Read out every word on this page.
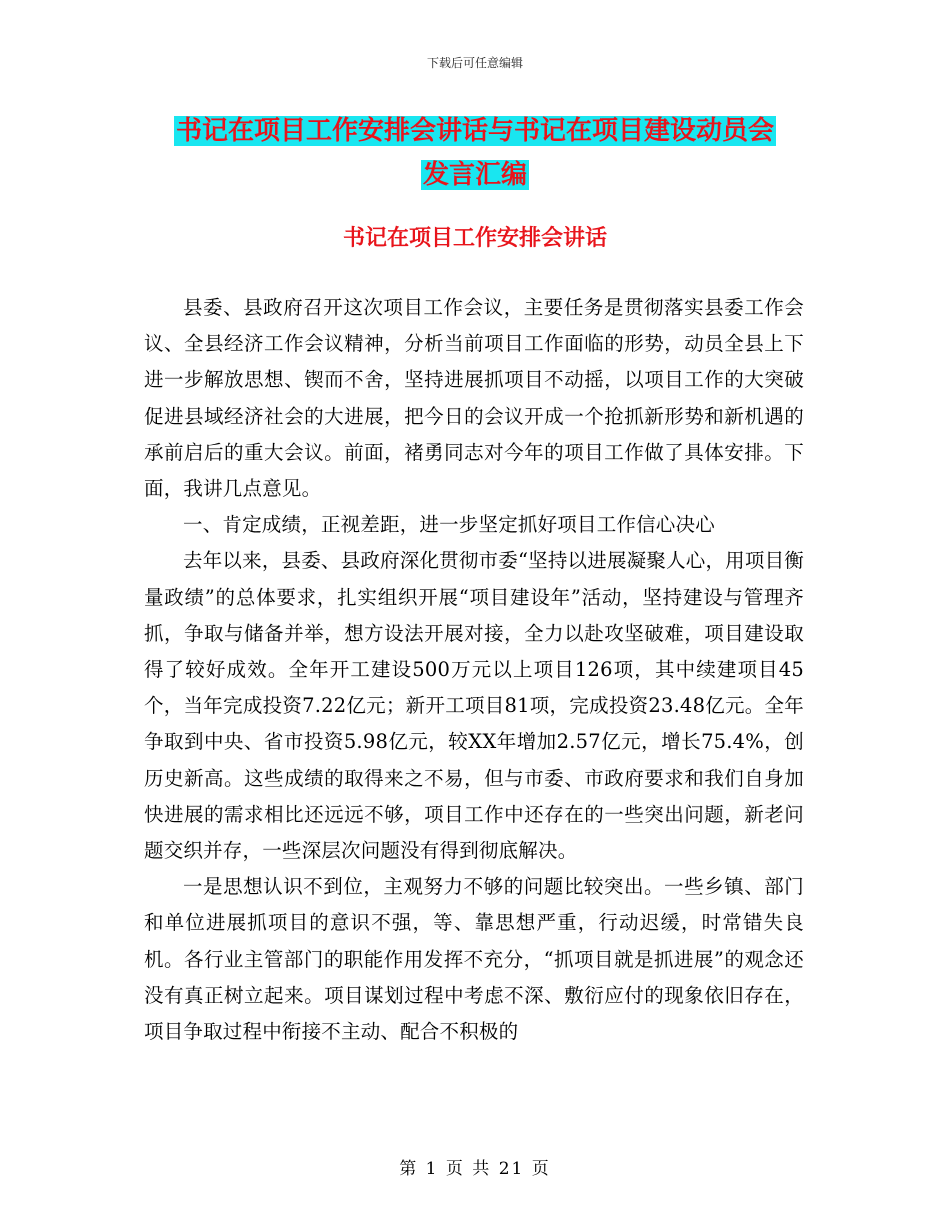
下载后可任意编辑
书记在项目工作安排会讲话与书记在项目建设动员会
发言汇编
书记在项目工作安排会讲话

县委、县政府召开这次项目工作会议，主要任务是贯彻落实县委工作会议、全县经济工作会议精神，分析当前项目工作面临的形势，动员全县上下进一步解放思想、锲而不舍，坚持进展抓项目不动摇，以项目工作的大突破促进县域经济社会的大进展，把今日的会议开成一个抢抓新形势和新机遇的承前启后的重大会议。前面，褚勇同志对今年的项目工作做了具体安排。下面，我讲几点意见。

一、肯定成绩，正视差距，进一步坚定抓好项目工作信心决心

去年以来，县委、县政府深化贯彻市委“坚持以进展凝聚人心，用项目衡量政绩”的总体要求，扎实组织开展“项目建设年”活动，坚持建设与管理齐抓，争取与储备并举，想方设法开展对接，全力以赴攻坚破难，项目建设取得了较好成效。全年开工建设500万元以上项目126项，其中续建项目45个，当年完成投资7.22亿元；新开工项目81项，完成投资23.48亿元。全年争取到中央、省市投资5.98亿元，较XX年增加2.57亿元，增长75.4%，创历史新高。这些成绩的取得来之不易，但与市委、市政府要求和我们自身加快进展的需求相比还远远不够，项目工作中还存在的一些突出问题，新老问题交织并存，一些深层次问题没有得到彻底解决。

一是思想认识不到位，主观努力不够的问题比较突出。一些乡镇、部门和单位进展抓项目的意识不强，等、靠思想严重，行动迟缓，时常错失良机。各行业主管部门的职能作用发挥不充分，“抓项目就是抓进展”的观念还没有真正树立起来。项目谋划过程中考虑不深、敷衍应付的现象依旧存在，项目争取过程中衔接不主动、配合不积极的

第 1 页 共 21 页
